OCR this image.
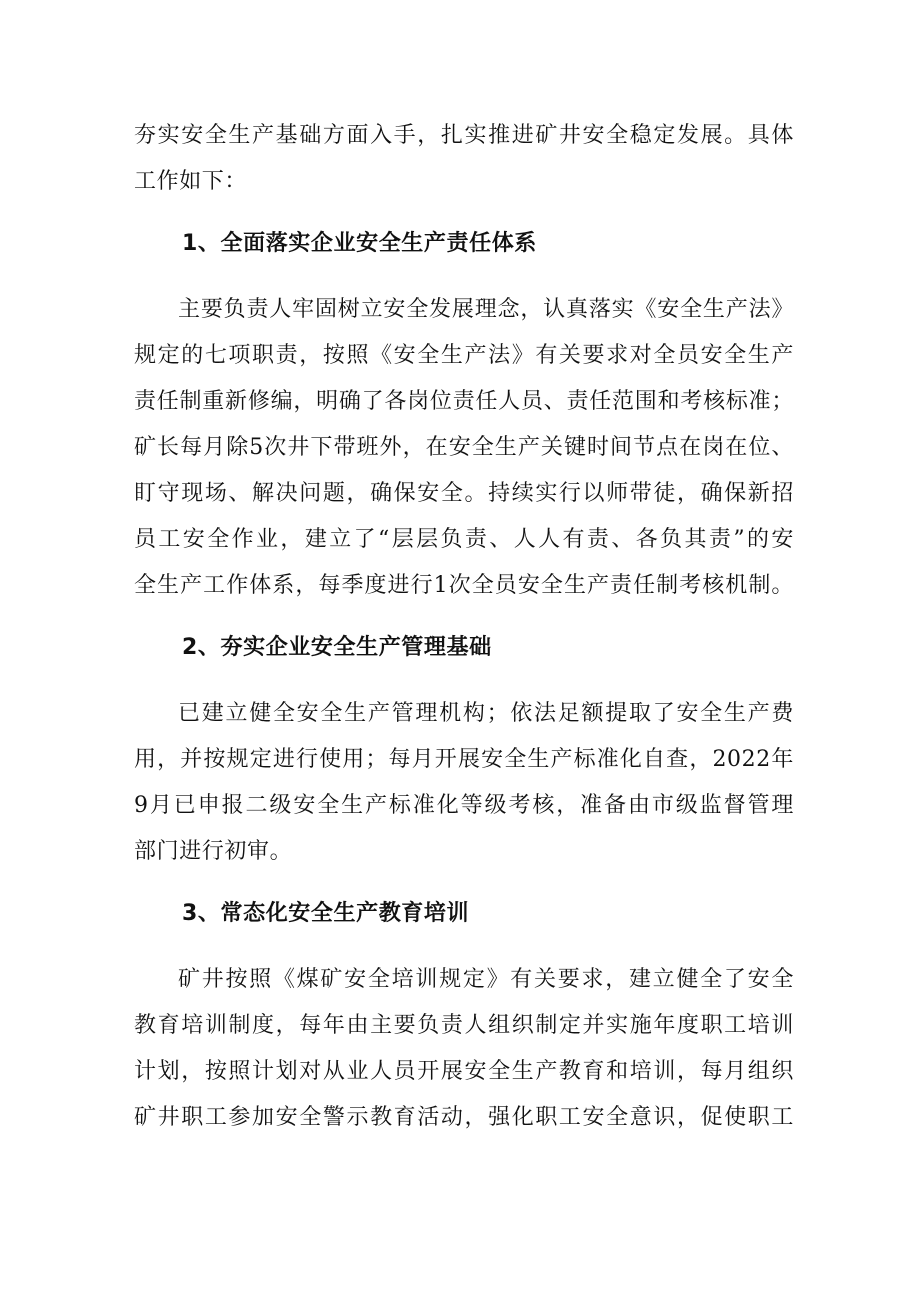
夯实安全生产基础方面入手，扎实推进矿井安全稳定发展。具体
工作如下：
1、全面落实企业安全生产责任体系
主要负责人牢固树立安全发展理念，认真落实《安全生产法》
规定的七项职责，按照《安全生产法》有关要求对全员安全生产
责任制重新修编，明确了各岗位责任人员、责任范围和考核标准；
矿长每月除5次井下带班外，在安全生产关键时间节点在岗在位、
盯守现场、解决问题，确保安全。持续实行以师带徒，确保新招
员工安全作业，建立了“层层负责、人人有责、各负其责”的安
全生产工作体系，每季度进行1次全员安全生产责任制考核机制。
2、夯实企业安全生产管理基础
已建立健全安全生产管理机构；依法足额提取了安全生产费
用，并按规定进行使用；每月开展安全生产标准化自查，2022年
9月已申报二级安全生产标准化等级考核，准备由市级监督管理
部门进行初审。
3、常态化安全生产教育培训
矿井按照《煤矿安全培训规定》有关要求，建立健全了安全
教育培训制度，每年由主要负责人组织制定并实施年度职工培训
计划，按照计划对从业人员开展安全生产教育和培训，每月组织
矿井职工参加安全警示教育活动，强化职工安全意识，促使职工
